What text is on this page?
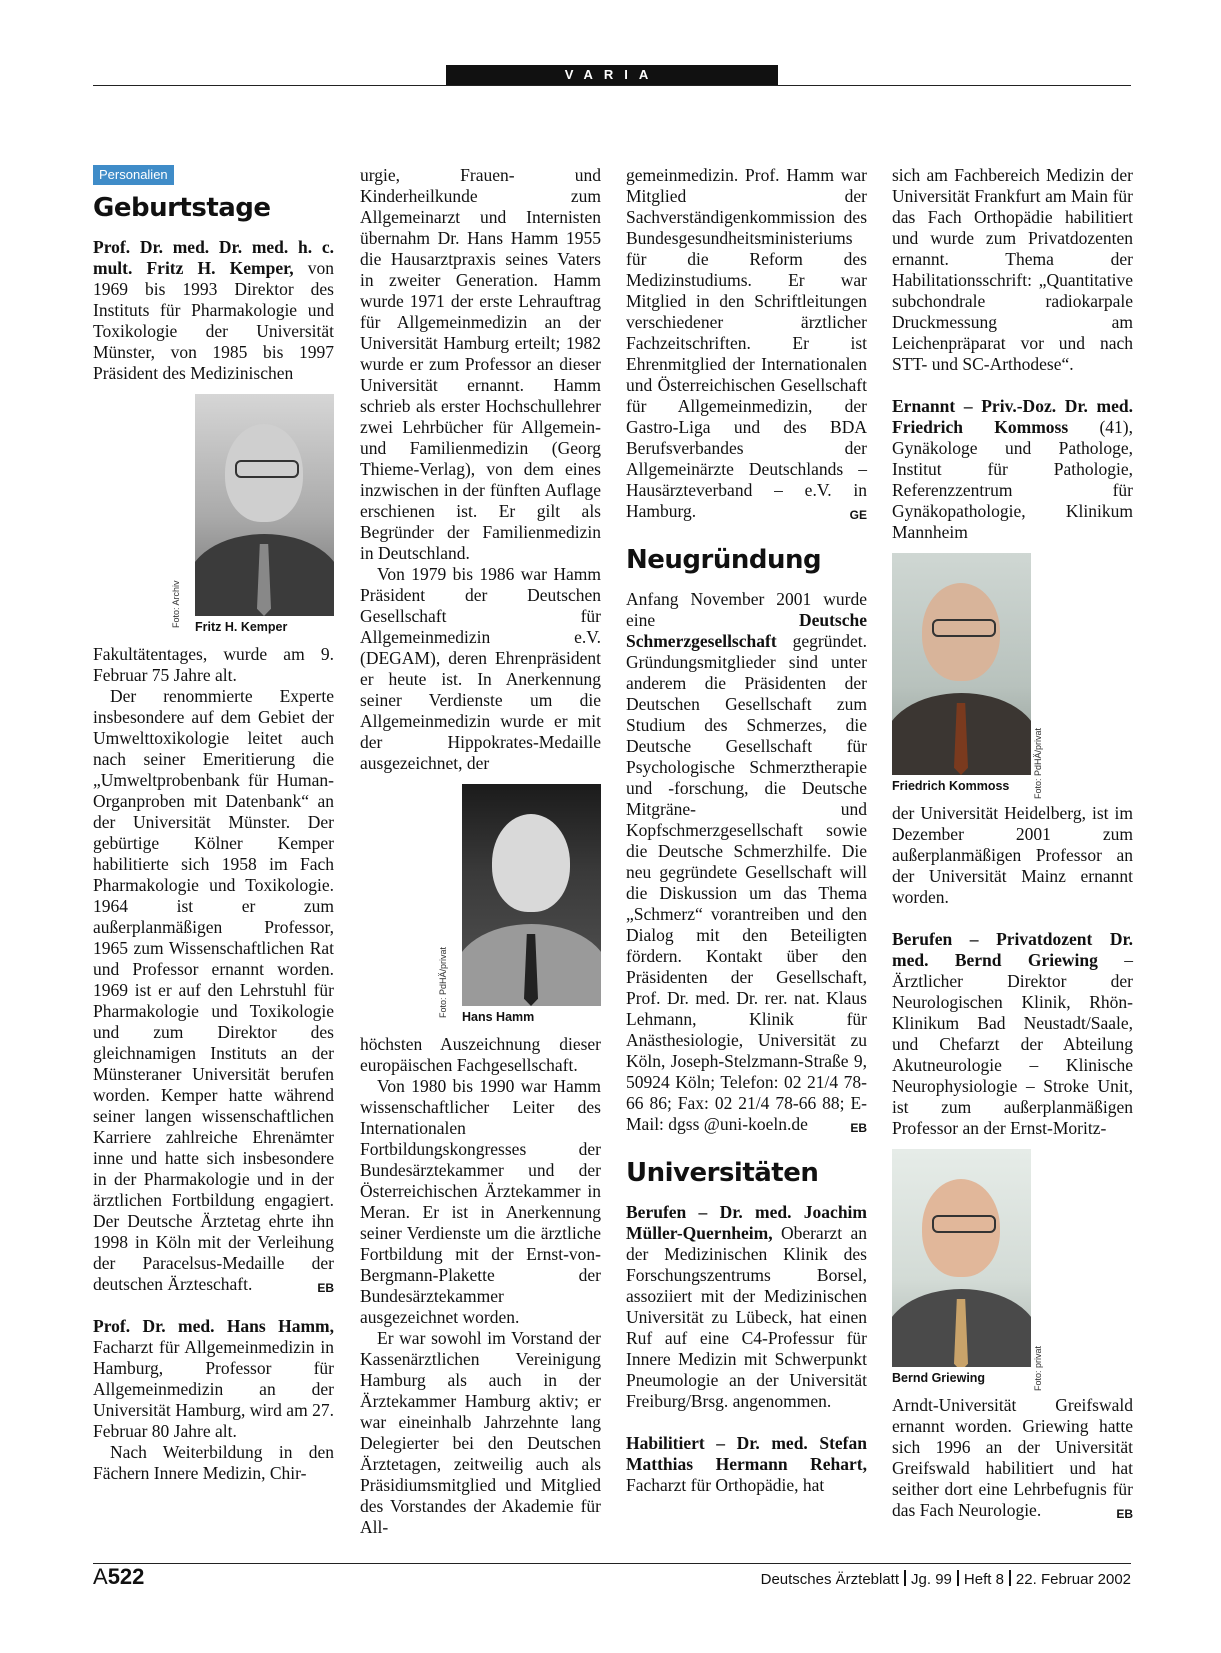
VARIA
Personalien
Geburtstage

Prof. Dr. med. Dr. med. h. c. mult. Fritz H. Kemper, von 1969 bis 1993 Direktor des Instituts für Pharmakologie und Toxikologie der Universität Münster, von 1985 bis 1997 Präsident des Medizinischen

Foto: Archiv Fritz H. Kemper

Fakultätentages, wurde am 9. Februar 75 Jahre alt.

Der renommierte Experte insbesondere auf dem Gebiet der Umwelttoxikologie leitet auch nach seiner Emeritierung die „Umweltprobenbank für Human-Organproben mit Datenbank“ an der Universität Münster. Der gebürtige Kölner Kemper habilitierte sich 1958 im Fach Pharmakologie und Toxikologie. 1964 ist er zum außerplanmäßigen Professor, 1965 zum Wissenschaftlichen Rat und Professor ernannt worden. 1969 ist er auf den Lehrstuhl für Pharmakologie und Toxikologie und zum Direktor des gleichnamigen Instituts an der Münsteraner Universität berufen worden. Kemper hatte während seiner langen wissenschaftlichen Karriere zahlreiche Ehrenämter inne und hatte sich insbesondere in der Pharmakologie und in der ärztlichen Fortbildung engagiert. Der Deutsche Ärztetag ehrte ihn 1998 in Köln mit der Verleihung der Paracelsus-Medaille der deutschen Ärzteschaft.	EB

Prof. Dr. med. Hans Hamm, Facharzt für Allgemeinmedizin in Hamburg, Professor für Allgemeinmedizin an der Universität Hamburg, wird am 27. Februar 80 Jahre alt.

Nach Weiterbildung in den Fächern Innere Medizin, Chir-

urgie, Frauen- und Kinderheilkunde zum Allgemeinarzt und Internisten übernahm Dr. Hans Hamm 1955 die Hausarztpraxis seines Vaters in zweiter Generation. Hamm wurde 1971 der erste Lehrauftrag für Allgemeinmedizin an der Universität Hamburg erteilt; 1982 wurde er zum Professor an dieser Universität ernannt. Hamm schrieb als erster Hochschullehrer zwei Lehrbücher für Allgemein- und Familienmedizin (Georg Thieme-Verlag), von dem eines inzwischen in der fünften Auflage erschienen ist. Er gilt als Begründer der Familienmedizin in Deutschland.

Von 1979 bis 1986 war Hamm Präsident der Deutschen Gesellschaft für Allgemeinmedizin e.V. (DEGAM), deren Ehrenpräsident er heute ist. In Anerkennung seiner Verdienste um die Allgemeinmedizin wurde er mit der Hippokrates-Medaille ausgezeichnet, der

Foto: PdHÄ/privat Hans Hamm

höchsten Auszeichnung dieser europäischen Fachgesellschaft.

Von 1980 bis 1990 war Hamm wissenschaftlicher Leiter des Internationalen Fortbildungskongresses der Bundesärztekammer und der Österreichischen Ärztekammer in Meran. Er ist in Anerkennung seiner Verdienste um die ärztliche Fortbildung mit der Ernst-von-Bergmann-Plakette der Bundesärztekammer ausgezeichnet worden.

Er war sowohl im Vorstand der Kassenärztlichen Vereinigung Hamburg als auch in der Ärztekammer Hamburg aktiv; er war eineinhalb Jahrzehnte lang Delegierter bei den Deutschen Ärztetagen, zeitweilig auch als Präsidiumsmitglied und Mitglied des Vorstandes der Akademie für All-

gemeinmedizin. Prof. Hamm war Mitglied der Sachverständigenkommission des Bundesgesundheitsministeriums für die Reform des Medizinstudiums. Er war Mitglied in den Schriftleitungen verschiedener ärztlicher Fachzeitschriften. Er ist Ehrenmitglied der Internationalen und Österreichischen Gesellschaft für Allgemeinmedizin, der Gastro-Liga und des BDA Berufsverbandes der Allgemeinärzte Deutschlands – Hausärzteverband – e.V. in Hamburg.	GE

Neugründung

Anfang November 2001 wurde eine Deutsche Schmerzgesellschaft gegründet. Gründungsmitglieder sind unter anderem die Präsidenten der Deutschen Gesellschaft zum Studium des Schmerzes, die Deutsche Gesellschaft für Psychologische Schmerztherapie und -forschung, die Deutsche Mitgräne- und Kopfschmerzgesellschaft sowie die Deutsche Schmerzhilfe. Die neu gegründete Gesellschaft will die Diskussion um das Thema „Schmerz“ vorantreiben und den Dialog mit den Beteiligten fördern. Kontakt über den Präsidenten der Gesellschaft, Prof. Dr. med. Dr. rer. nat. Klaus Lehmann, Klinik für Anästhesiologie, Universität zu Köln, Joseph-Stelzmann-Straße 9, 50924 Köln; Telefon: 02 21/4 78-66 86; Fax: 02 21/4 78-66 88; E-Mail: dgss @uni-koeln.de	EB

Universitäten

Berufen – Dr. med. Joachim Müller-Quernheim, Oberarzt an der Medizinischen Klinik des Forschungszentrums Borsel, assoziiert mit der Medizinischen Universität zu Lübeck, hat einen Ruf auf eine C4-Professur für Innere Medizin mit Schwerpunkt Pneumologie an der Universität Freiburg/Brsg. angenommen.

Habilitiert – Dr. med. Stefan Matthias Hermann Rehart, Facharzt für Orthopädie, hat

sich am Fachbereich Medizin der Universität Frankfurt am Main für das Fach Orthopädie habilitiert und wurde zum Privatdozenten ernannt. Thema der Habilitationsschrift: „Quantitative subchondrale radiokarpale Druckmessung am Leichenpräparat vor und nach STT- und SC-Arthodese“.

Ernannt – Priv.-Doz. Dr. med. Friedrich Kommoss (41), Gynäkologe und Pathologe, Institut für Pathologie, Referenzzentrum für Gynäkopathologie, Klinikum Mannheim

Foto: PdHÄ/privat
Friedrich Kommoss

der Universität Heidelberg, ist im Dezember 2001 zum außerplanmäßigen Professor an der Universität Mainz ernannt worden.

Berufen – Privatdozent Dr. med. Bernd Griewing – Ärztlicher Direktor der Neurologischen Klinik, Rhön-Klinikum Bad Neustadt/Saale, und Chefarzt der Abteilung Akutneurologie – Klinische Neurophysiologie – Stroke Unit, ist zum außerplanmäßigen Professor an der Ernst-Moritz-

Foto: privat
Bernd Griewing

Arndt-Universität Greifswald ernannt worden. Griewing hatte sich 1996 an der Universität Greifswald habilitiert und hat seither dort eine Lehrbefugnis für das Fach Neurologie.	EB

A522	Deutsches Ärzteblatt Jg. 99 Heft 8 22. Februar 2002
